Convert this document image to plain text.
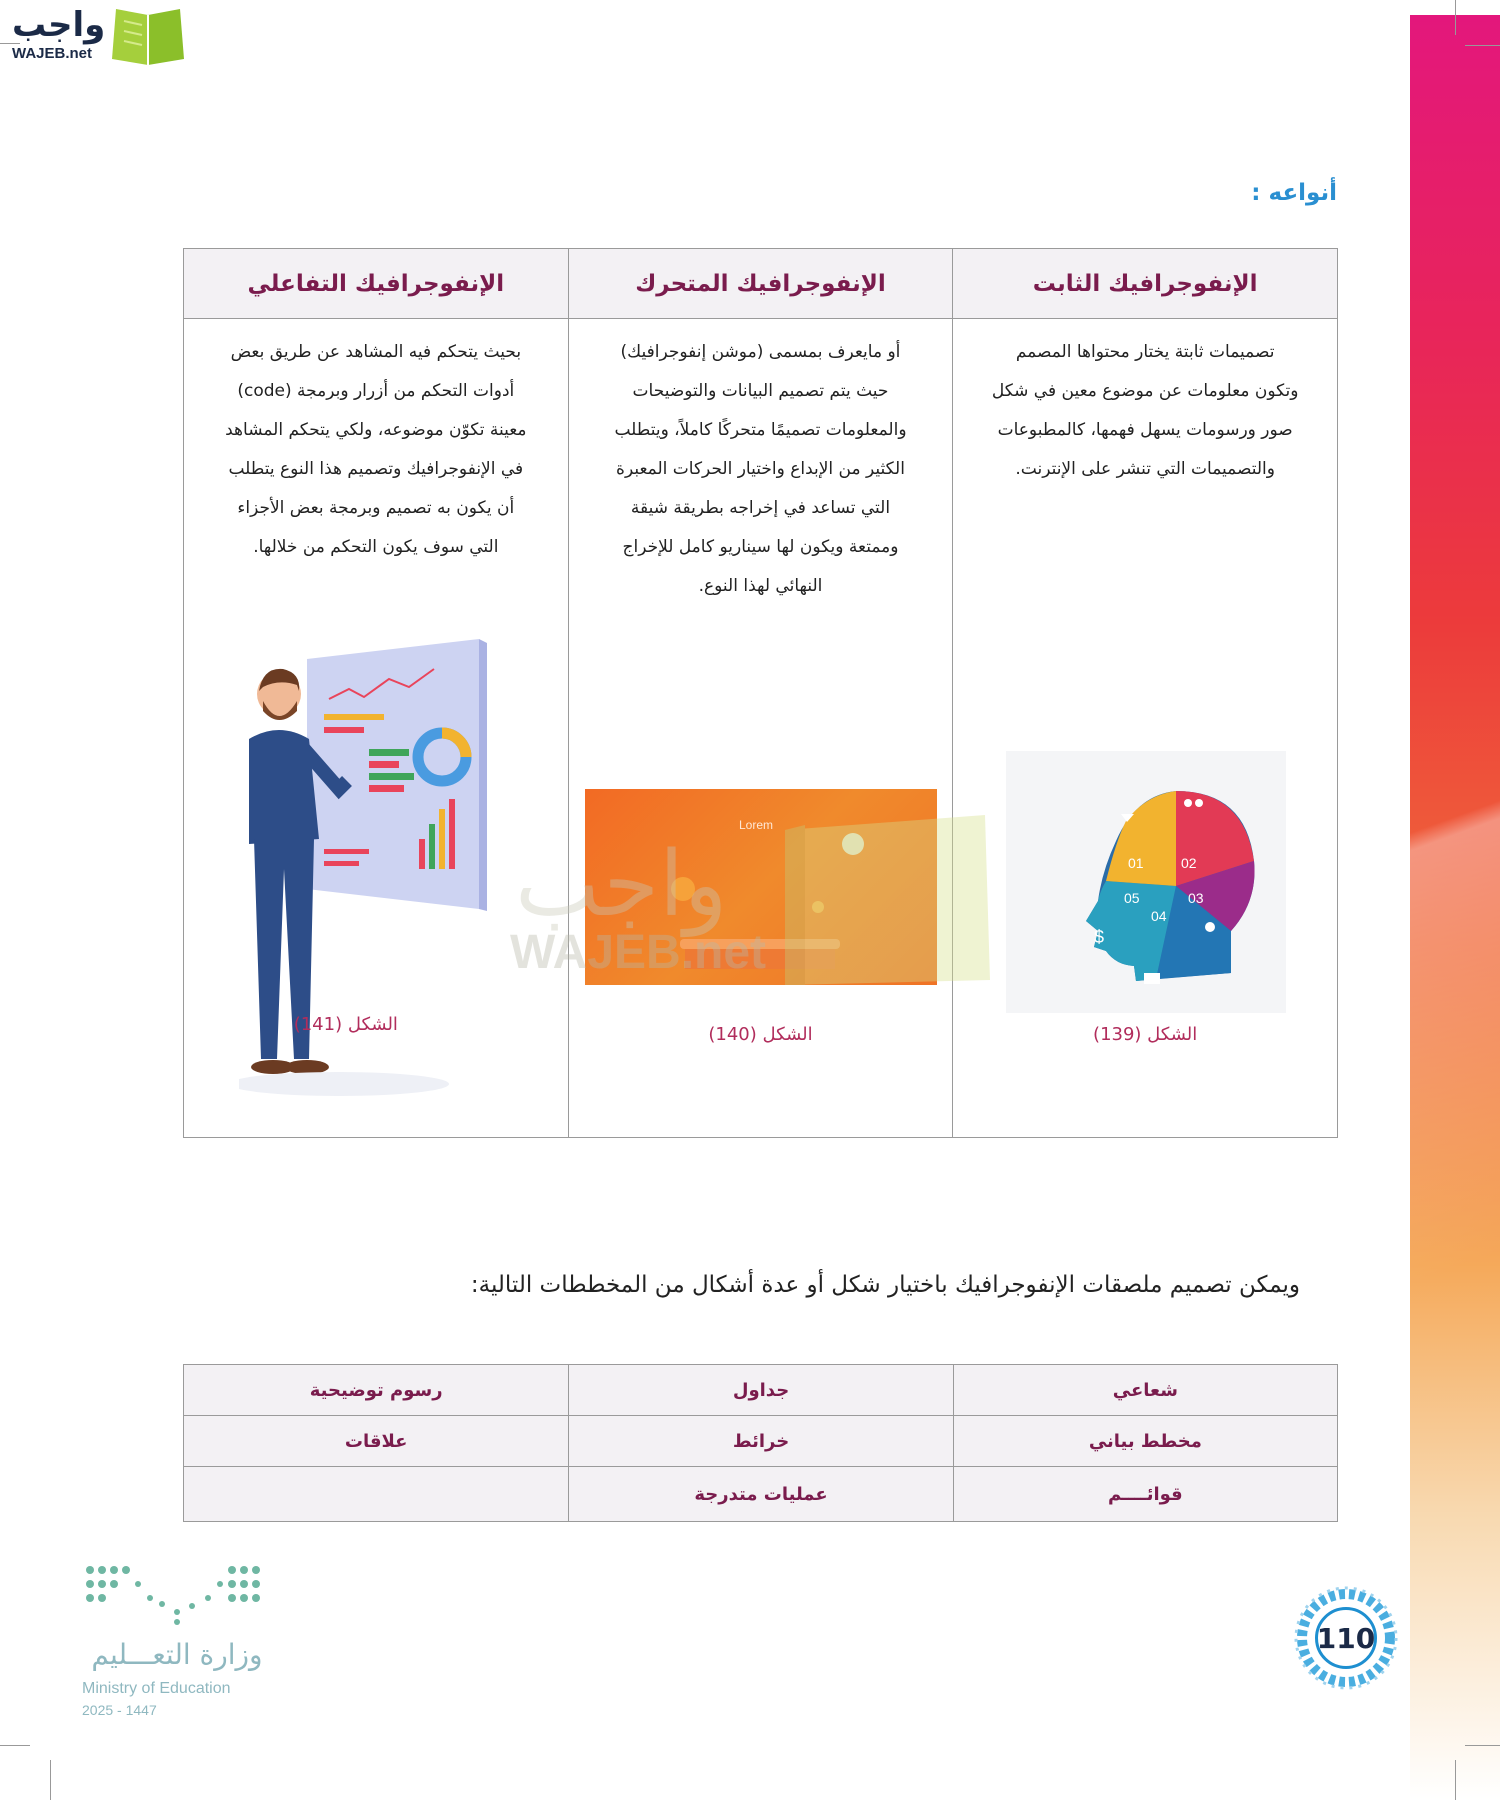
واجب
WAJEB.net
أنواعه :
الإنفوجرافيك الثابت
تصميمات ثابتة يختار محتواها المصمم
وتكون معلومات عن موضوع معين في شكل
صور ورسومات يسهل فهمها، كالمطبوعات
والتصميمات التي تنشر على الإنترنت.
01	02
03
04
05
$
الشكل (139)
الإنفوجرافيك المتحرك
أو مايعرف بمسمى (موشن إنفوجرافيك)
حيث يتم تصميم البيانات والتوضيحات
والمعلومات تصميمًا متحركًا كاملاً، ويتطلب
الكثير من الإبداع واختيار الحركات المعبرة
التي تساعد في إخراجه بطريقة شيقة
وممتعة ويكون لها سيناريو كامل للإخراج
النهائي لهذا النوع.
Lorem
الشكل (140)
الإنفوجرافيك التفاعلي
بحيث يتحكم فيه المشاهد عن طريق بعض
أدوات التحكم من أزرار وبرمجة (code)
معينة تكوّن موضوعه، ولكي يتحكم المشاهد
في الإنفوجرافيك وتصميم هذا النوع يتطلب
أن يكون به تصميم وبرمجة بعض الأجزاء
التي سوف يكون التحكم من خلالها.
الشكل (141)
واجب
WAJEB.net
ويمكن تصميم ملصقات الإنفوجرافيك باختيار شكل أو عدة أشكال من المخططات التالية:
شعاعي
جداول
رسوم توضيحية
مخطط بياني
خرائط
علاقات
قوائــــم
عمليات متدرجة
وزارة التعـــليم
Ministry of Education
2025 - 1447
110
